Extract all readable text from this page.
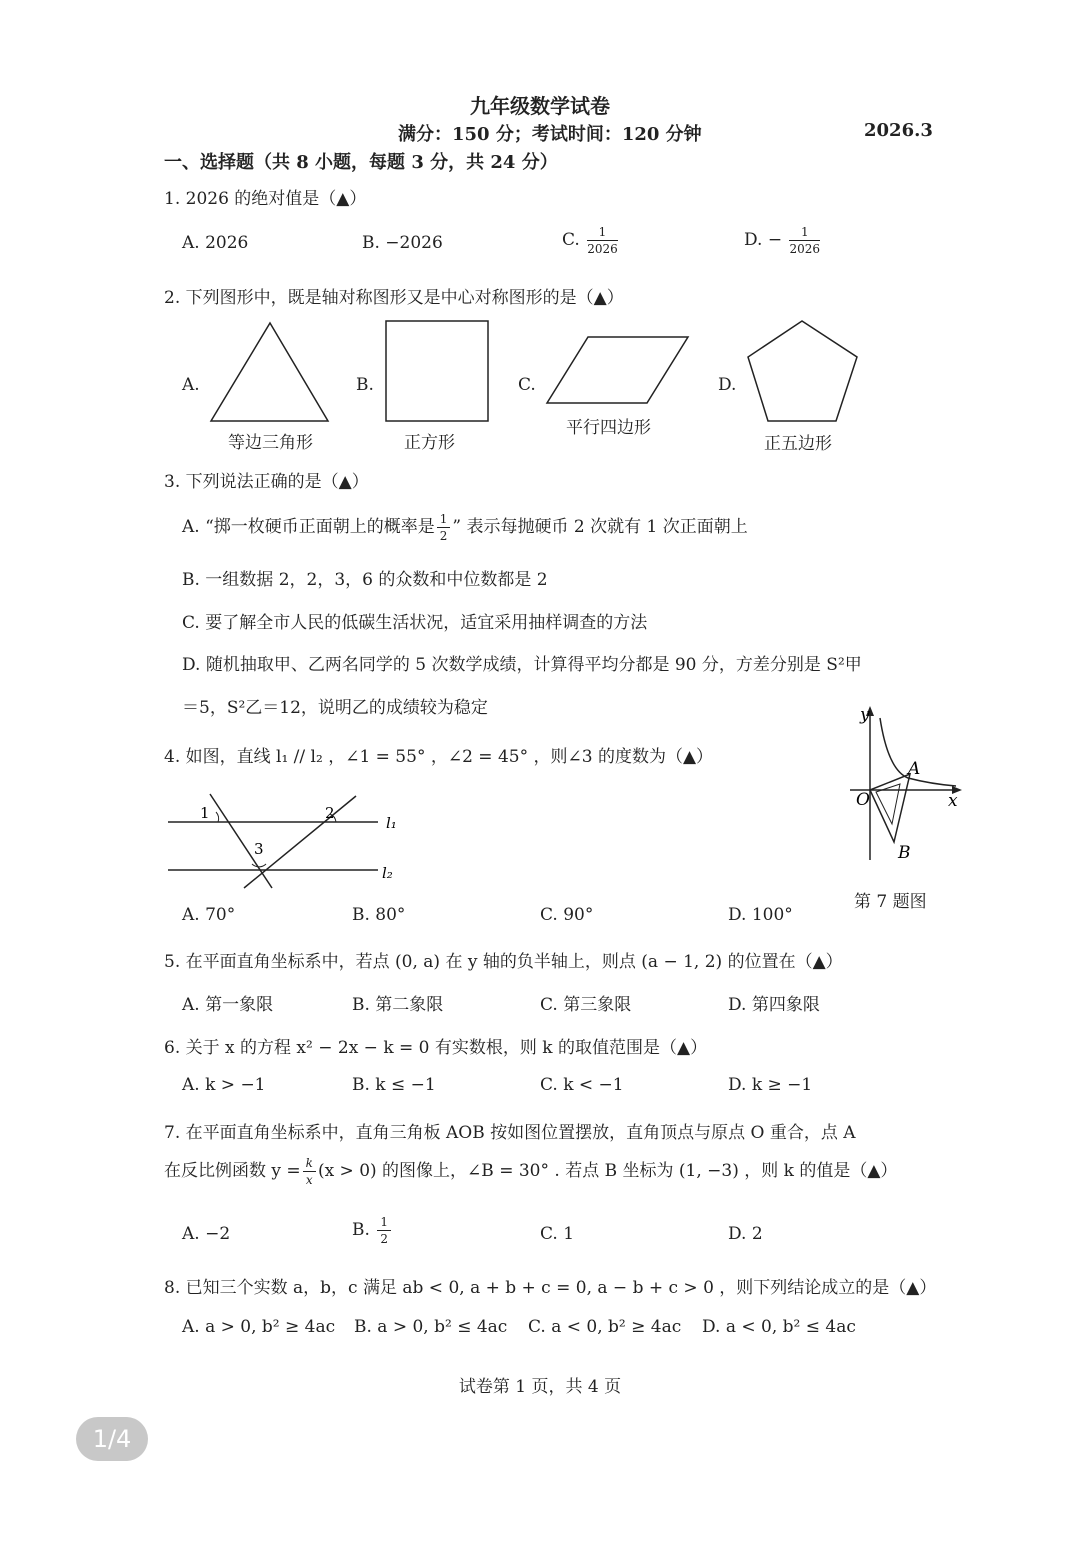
九年级数学试卷
满分：150 分；考试时间：120 分钟	2026.3
一、选择题（共 8 小题，每题 3 分，共 24 分）
1. 2026 的绝对值是（▲）
A. 2026	B. −2026	C. $\frac{1}{2026}$	D. − $\frac{1}{2026}$
2. 下列图形中，既是轴对称图形又是中心对称图形的是（▲）
A.	B.	C.	D.
等边三角形	正方形
平行四边形
正五边形
3. 下列说法正确的是（▲）
A. “掷一枚硬币正面朝上的概率是 $\frac{1}{2}$ ” 表示每抛硬币 2 次就有 1 次正面朝上
B. 一组数据 2，2，3，6 的众数和中位数都是 2
C. 要了解全市人民的低碳生活状况，适宜采用抽样调查的方法
D. 随机抽取甲、乙两名同学的 5 次数学成绩，计算得平均分都是 90 分，方差分别是 S²甲
＝5，S²乙＝12，说明乙的成绩较为稳定	y
x
O
A
B
第 7 题图
4. 如图，直线 l₁ // l₂ ，∠1 = 55° ，∠2 = 45° ，则∠3 的度数为（▲）
1	2
3
l₁
l₂
A. 70°	B. 80°	C. 90°	D. 100°
5. 在平面直角坐标系中，若点 (0, a) 在 y 轴的负半轴上，则点 (a − 1, 2) 的位置在（▲）
A. 第一象限	B. 第二象限	C. 第三象限	D. 第四象限
6. 关于 x 的方程 x² − 2x − k = 0 有实数根，则 k 的取值范围是（▲）
A. k > −1	B. k ≤ −1	C. k < −1	D. k ≥ −1
7. 在平面直角坐标系中，直角三角板 AOB 按如图位置摆放，直角顶点与原点 O 重合，点 A
在反比例函数 $y = \frac{k}{x} (x > 0)$ 的图像上，∠B = 30° . 若点 B 坐标为 (1, −3) ，则 k 的值是（▲）
A. −2	B. $\frac{1}{2}$	C. 1	D. 2
8. 已知三个实数 a，b，c 满足 ab < 0, a + b + c = 0, a − b + c > 0 ，则下列结论成立的是（▲）
A. a > 0, b² ≥ 4ac B. a > 0, b² ≤ 4ac C. a < 0, b² ≥ 4ac D. a < 0, b² ≤ 4ac
试卷第 1 页，共 4 页
1/4
